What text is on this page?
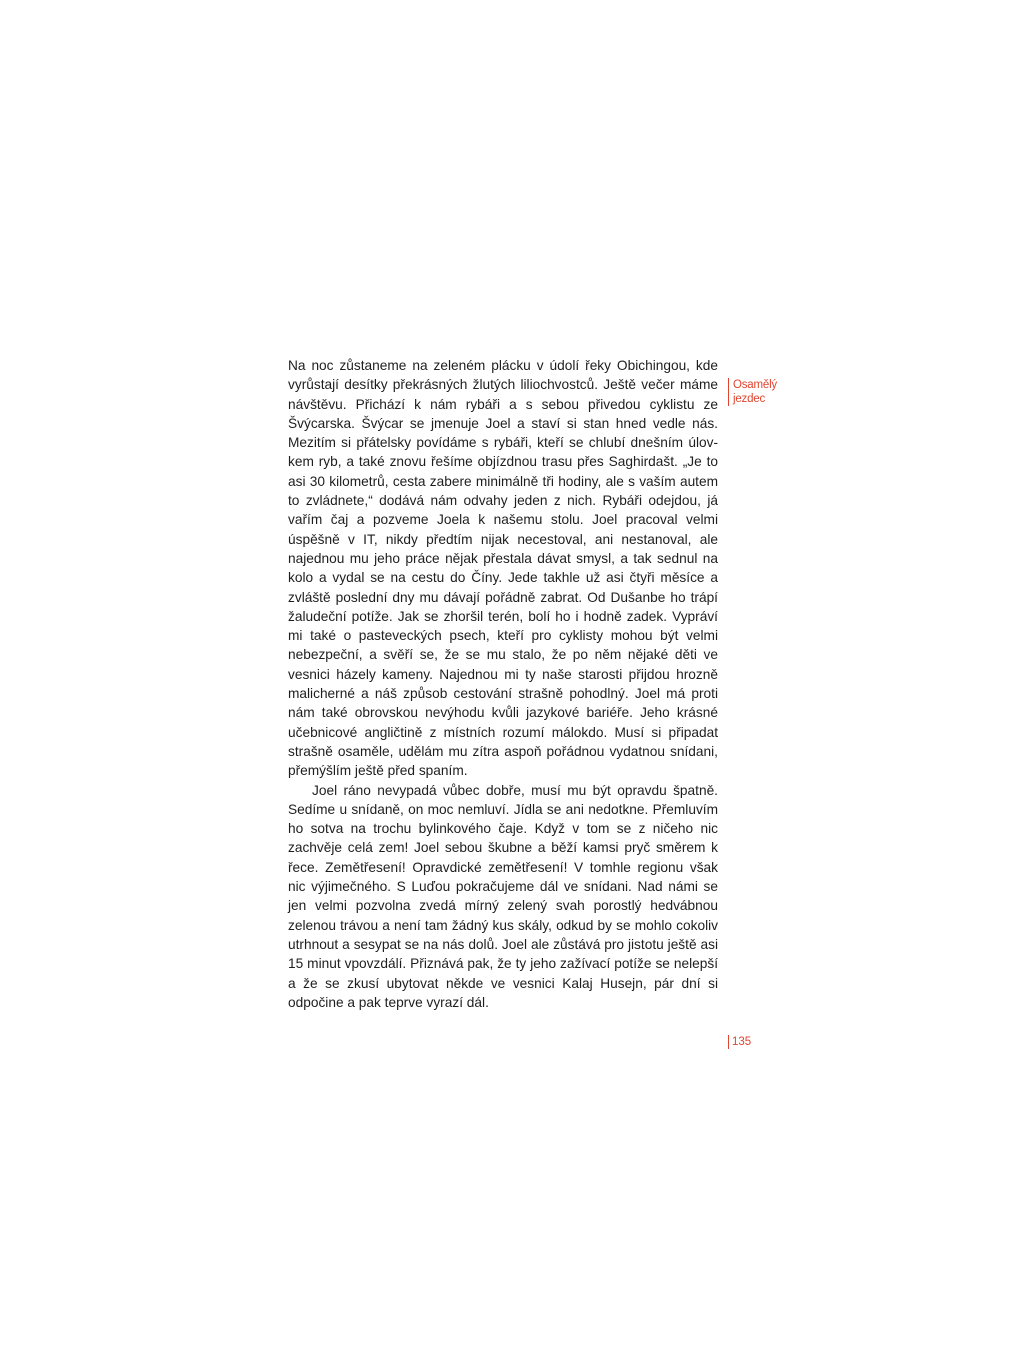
Na noc zůstaneme na zeleném plácku v údolí řeky Obichingou, kde vyrůstají desítky překrásných žlutých liliochvostců. Ještě večer máme návštěvu. Přichází k nám rybáři a s sebou přivedou cyklistu ze Švýcarska. Švýcar se jmenuje Joel a staví si stan hned vedle nás. Mezitím si přátelsky povídáme s rybáři, kteří se chlubí dnešním úlovkem ryb, a také znovu řešíme objízdnou trasu přes Saghirdašt. „Je to asi 30 kilometrů, cesta zabere minimálně tři hodiny, ale s vaším autem to zvládnete,“ dodává nám odvahy jeden z nich. Rybáři odejdou, já vařím čaj a pozveme Joela k našemu stolu. Joel pracoval velmi úspěšně v IT, nikdy předtím nijak necestoval, ani nestanoval, ale najednou mu jeho práce nějak přestala dávat smysl, a tak sednul na kolo a vydal se na cestu do Číny. Jede takhle už asi čtyři měsíce a zvláště poslední dny mu dávají pořádně zabrat. Od Dušanbe ho trápí žaludeční potíže. Jak se zhoršil terén, bolí ho i hodně zadek. Vypráví mi také o pasteveckých psech, kteří pro cyklisty mohou být velmi nebezpeční, a svěří se, že se mu stalo, že po něm nějaké děti ve vesnici házely kameny. Najednou mi ty naše starosti přijdou hrozně malicherné a náš způsob cestování strašně pohodlný. Joel má proti nám také obrovskou nevýhodu kvůli jazykové bariéře. Jeho krásné učebnicové angličtině z místních rozumí málokdo. Musí si připadat strašně osaměle, udělám mu zítra aspoň pořádnou vydatnou snídani, přemýšlím ještě před spaním.

Joel ráno nevypadá vůbec dobře, musí mu být opravdu špatně. Sedíme u snídaně, on moc nemluví. Jídla se ani nedotkne. Přemluvím ho sotva na trochu bylinkového čaje. Když v tom se z ničeho nic zachvěje celá zem! Joel sebou škubne a běží kamsi pryč směrem k řece. Zemětřesení! Opravdické zemětřesení! V tomhle regionu však nic výjimečného. S Luďou pokračujeme dál ve snídani. Nad námi se jen velmi pozvolna zvedá mírný zelený svah porostlý hedvábnou zelenou trávou a není tam žádný kus skály, odkud by se mohlo cokoliv utrhnout a sesypat se na nás dolů. Joel ale zůstává pro jistotu ještě asi 15 minut vpovzdálí. Přiznává pak, že ty jeho zažívací potíže se nelepší a že se zkusí ubytovat někde ve vesnici Kalaj Husejn, pár dní si odpočine a pak teprve vyrazí dál.

Osamělý
jezdec
135
